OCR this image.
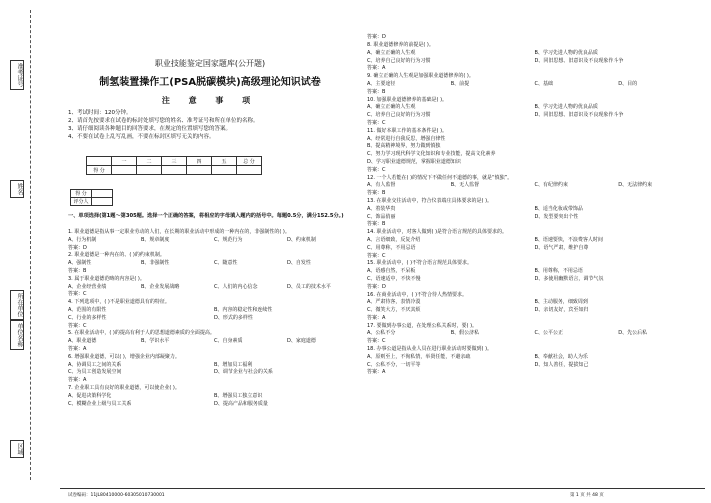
准考证号
姓名
所在单位
单位名称
区域
职业技能鉴定国家题库(公开题)
制氢装置操作工(PSA脱碳模块)高级理论知识试卷
注 意 事 项
1、考试时间：120分钟。
2、请首先按要求在试卷的标封处填写您的姓名、准考证号和所在单位的名称。
3、请仔细阅读各种题目的回答要求，在规定的位置填写您的答案。
4、不要在试卷上乱写乱画，不要在标封区填写无关的内容。
	一	二	三	四	五	总 分
得 分						
得 分	
评分人	
一、单项选择(第1题～第305题。选择一个正确的答案，将相应的字母填入题内的括号中。每题0.5分，满分152.5分。)
1. 职业道德是指从事一定职业劳动的人们，在长期的职业活动中形成的一种内在的，非强制性的( )。
A、行为机制	B、规章制度	C、规范行为	D、约束机制
答案：D
2. 职业道德是一种内在的、( )的约束机制。
A、强制性	B、非强制性	C、随意性	D、自发性
答案：B
3. 属于职业道德范畴的内容是( )。
A、企业经营业绩	B、企业发展战略	C、人们的内心信念	D、员工的技术水平
答案：C
4. 下列选项中，( )不是职业道德具有的特征。
A、范围的有限性	B、内容的稳定性和连续性
C、行业的多样性	D、形式的多样性
答案：C
5. 在职业活动中，( )的提高有利于人的思想道德素质的全面提高。
A、职业道德	B、学识水平	C、自身素质	D、家庭道德
答案：A
6. 增强职业道德，可以( )，增强企业内部凝聚力。
A、协调员工之间的关系	B、增加员工福利
C、为员工创造发展空间	D、调节企业与社会的关系
答案：A
7. 企业职工具有良好的职业道德，可以使企业( )。
A、促进决策科学化	B、增强员工独立意识
C、模糊企业上级与员工关系	D、提高产品和服务质量
答案：D
8. 职业道德修养的前提是( )。
A、确立正确的人生观	B、学习先进人物的优良品质
C、培养自己良好的行为习惯	D、同旧思想、旧意识及不良现象作斗争
答案：A
9. 确立正确的人生观是加强职业道德修养的( )。
A、主要途径	B、前提	C、基础	D、目的
答案：B
10. 加强职业道德修养的基础是( )。
A、确立正确的人生观	B、学习先进人物的优良品质
C、培养自己良好的行为习惯	D、同旧思想、旧意识及不良现象作斗争
答案：C
11. 做好本职工作的基本条件是( )。
A、经常进行自我反思，增强自律性
B、提高精神境界，努力做到慎独
C、努力学习现代科学文化知识和专业技能，提高文化素养
D、学习职业道德规范，掌握职业道德知识
答案：C
12. 一个人若能在( )的情况下不做任何不道德的事，就是“慎独”。
A、有人监督	B、无人监督	C、有纪律约束	D、无法律约束
答案：B
13. 在职业交往活动中，符合仪表端庄具体要求的是( )。
A、着装华贵	B、适当化妆或带饰品
C、饰品俏丽	D、发型要突出个性
答案：B
14. 职业活动中，对客人做到( )是符合语言规范的具体要求的。
A、言语细致，反复介绍	B、语速要快，不浪费客人时间
C、用尊称，不用忌语	D、语气严肃，维护自尊
答案：C
15. 职业活动中，( )不符合语言规范具体要求。
A、语感自然，不呆板	B、用尊称，不用忌语
C、语速适中，不快不慢	D、多使用幽默语言，调节气氛
答案：D
16. 在商业活动中，( )不符合待人热情要求。
A、严肃待客，表情冷漠	B、主动服务，细致周到
C、微笑大方，不厌其烦	D、亲切友好，宾至如归
答案：A
17. 要做到办事公道，在处理公私关系时，要( )。
A、公私不分	B、假公济私	C、公平公正	D、先公后私
答案：C
18. 办事公道是指从业人员在进行职业活动时要做到( )。
A、原则至上，不徇私情，举贤任能，不避亲疏	B、奉献社会，助人为乐
C、公私不分，一切平等	D、知人善任，提拔知己
答案：A
试卷编码：11JL80410000-60305010730001	第 1 页 共 48 页
